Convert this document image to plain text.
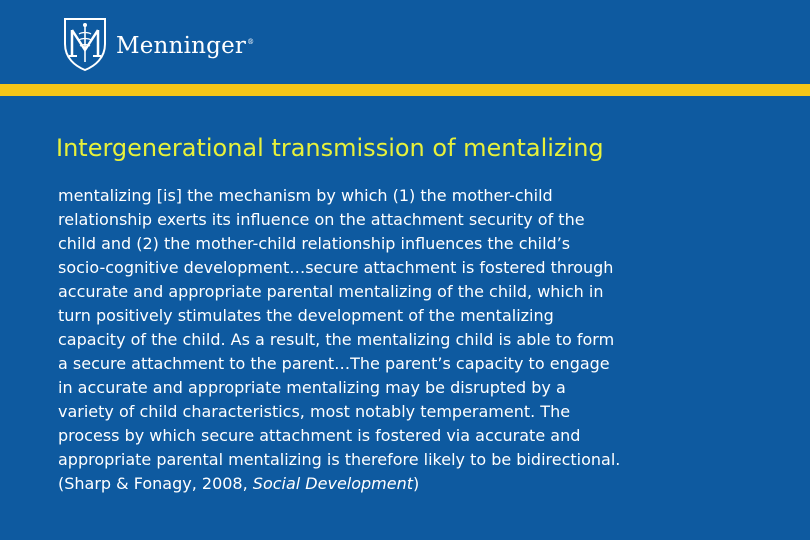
Menninger®
Intergenerational transmission of mentalizing
mentalizing [is] the mechanism by which (1) the mother-child
relationship exerts its influence on the attachment security of the
child and (2) the mother-child relationship influences the child’s
socio-cognitive development…secure attachment is fostered through
accurate and appropriate parental mentalizing of the child, which in
turn positively stimulates the development of the mentalizing
capacity of the child. As a result, the mentalizing child is able to form
a secure attachment to the parent…The parent’s capacity to engage
in accurate and appropriate mentalizing may be disrupted by a
variety of child characteristics, most notably temperament. The
process by which secure attachment is fostered via accurate and
appropriate parental mentalizing is therefore likely to be bidirectional.
(Sharp & Fonagy, 2008, Social Development)
